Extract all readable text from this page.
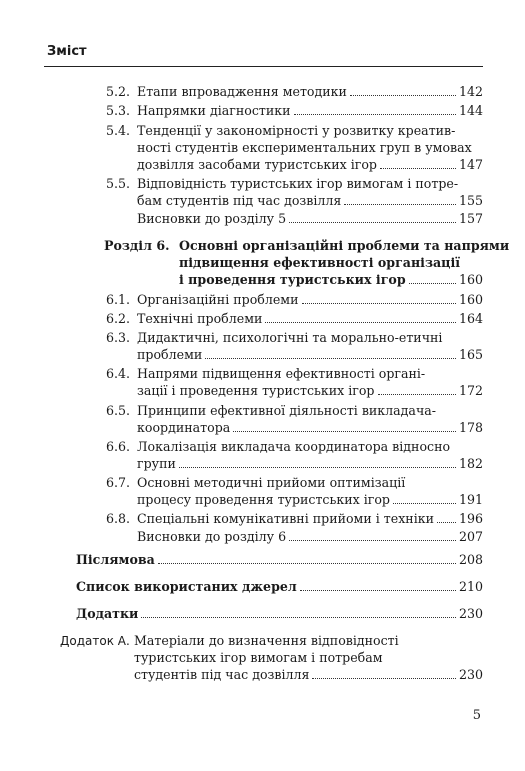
Зміст
5.2. Етапи впровадження методики	142
5.3. Напрямки діагностики	144
5.4. Тенденції у закономірності у розвитку креатив-
ності студентів експериментальних груп в умовах
дозвілля засобами туристських ігор	147
5.5. Відповідність туристських ігор вимогам і потре-
бам студентів під час дозвілля	155
Висновки до розділу 5	157
Розділ 6. Основні організаційні проблеми та напрями
підвищення ефективності організації
і проведення туристських ігор	160
6.1. Організаційні проблеми	160
6.2. Технічні проблеми	164
6.3. Дидактичні, психологічні та морально-етичні
проблеми	165
6.4. Напрями підвищення ефективності органі-
зації і проведення туристських ігор	172
6.5. Принципи ефективної діяльності викладача-
координатора	178
6.6. Локалізація викладача координатора відносно
групи	182
6.7. Основні методичні прийоми оптимізації
процесу проведення туристських ігор	191
6.8. Спеціальні комунікативні прийоми і техніки 196
Висновки до розділу 6	207
Післямова	208
Список використаних джерел	210
Додатки	230
Додаток А. Матеріали до визначення відповідності
туристських ігор вимогам і потребам
студентів під час дозвілля	230
5
